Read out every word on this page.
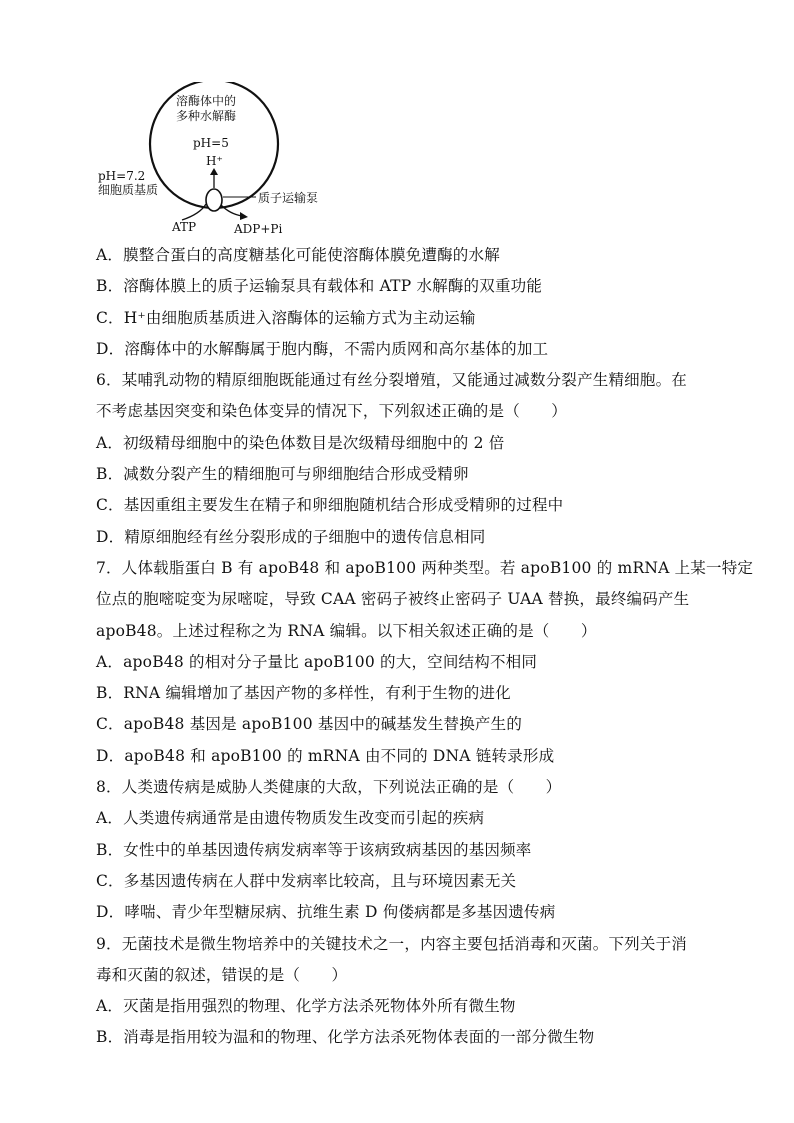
溶酶体中的
多种水解酶
pH=5
H⁺
pH=7.2
细胞质基质
质子运输泵
ATP	ADP+Pi
A．膜整合蛋白的高度糖基化可能使溶酶体膜免遭酶的水解
B．溶酶体膜上的质子运输泵具有载体和 ATP 水解酶的双重功能
C．H⁺由细胞质基质进入溶酶体的运输方式为主动运输
D．溶酶体中的水解酶属于胞内酶，不需内质网和高尔基体的加工
6．某哺乳动物的精原细胞既能通过有丝分裂增殖，又能通过减数分裂产生精细胞。在
不考虑基因突变和染色体变异的情况下，下列叙述正确的是（　　）
A．初级精母细胞中的染色体数目是次级精母细胞中的 2 倍
B．减数分裂产生的精细胞可与卵细胞结合形成受精卵
C．基因重组主要发生在精子和卵细胞随机结合形成受精卵的过程中
D．精原细胞经有丝分裂形成的子细胞中的遗传信息相同
7．人体载脂蛋白 B 有 apoB48 和 apoB100 两种类型。若 apoB100 的 mRNA 上某一特定
位点的胞嘧啶变为尿嘧啶，导致 CAA 密码子被终止密码子 UAA 替换，最终编码产生
apoB48。上述过程称之为 RNA 编辑。以下相关叙述正确的是（　　）
A．apoB48 的相对分子量比 apoB100 的大，空间结构不相同
B．RNA 编辑增加了基因产物的多样性，有利于生物的进化
C．apoB48 基因是 apoB100 基因中的碱基发生替换产生的
D．apoB48 和 apoB100 的 mRNA 由不同的 DNA 链转录形成
8．人类遗传病是威胁人类健康的大敌，下列说法正确的是（　　）
A．人类遗传病通常是由遗传物质发生改变而引起的疾病
B．女性中的单基因遗传病发病率等于该病致病基因的基因频率
C．多基因遗传病在人群中发病率比较高，且与环境因素无关
D．哮喘、青少年型糖尿病、抗维生素 D 佝偻病都是多基因遗传病
9．无菌技术是微生物培养中的关键技术之一，内容主要包括消毒和灭菌。下列关于消
毒和灭菌的叙述，错误的是（　　）
A．灭菌是指用强烈的物理、化学方法杀死物体外所有微生物
B．消毒是指用较为温和的物理、化学方法杀死物体表面的一部分微生物
